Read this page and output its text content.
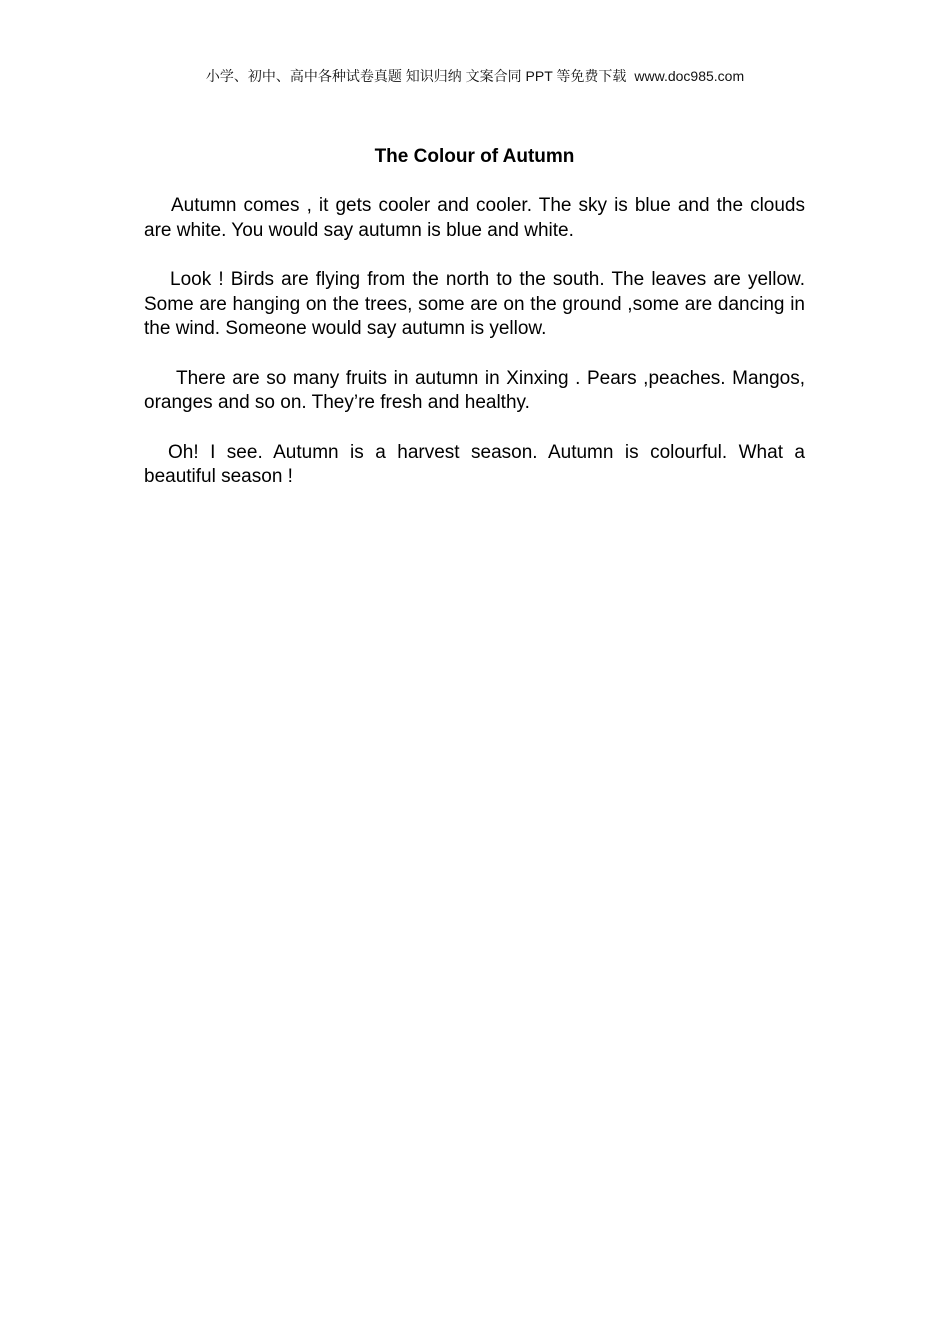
小学、初中、高中各种试卷真题 知识归纳 文案合同 PPT 等免费下载 www.doc985.com
The Colour of Autumn

Autumn comes , it gets cooler and cooler. The sky is blue and the clouds are white. You would say autumn is blue and white.

Look ! Birds are flying from the north to the south. The leaves are yellow. Some are hanging on the trees, some are on the ground ,some are dancing in the wind. Someone would say autumn is yellow.

There are so many fruits in autumn in Xinxing . Pears ,peaches. Mangos, oranges and so on. They’re fresh and healthy.

Oh! I see. Autumn is a harvest season. Autumn is colourful. What a beautiful season !
